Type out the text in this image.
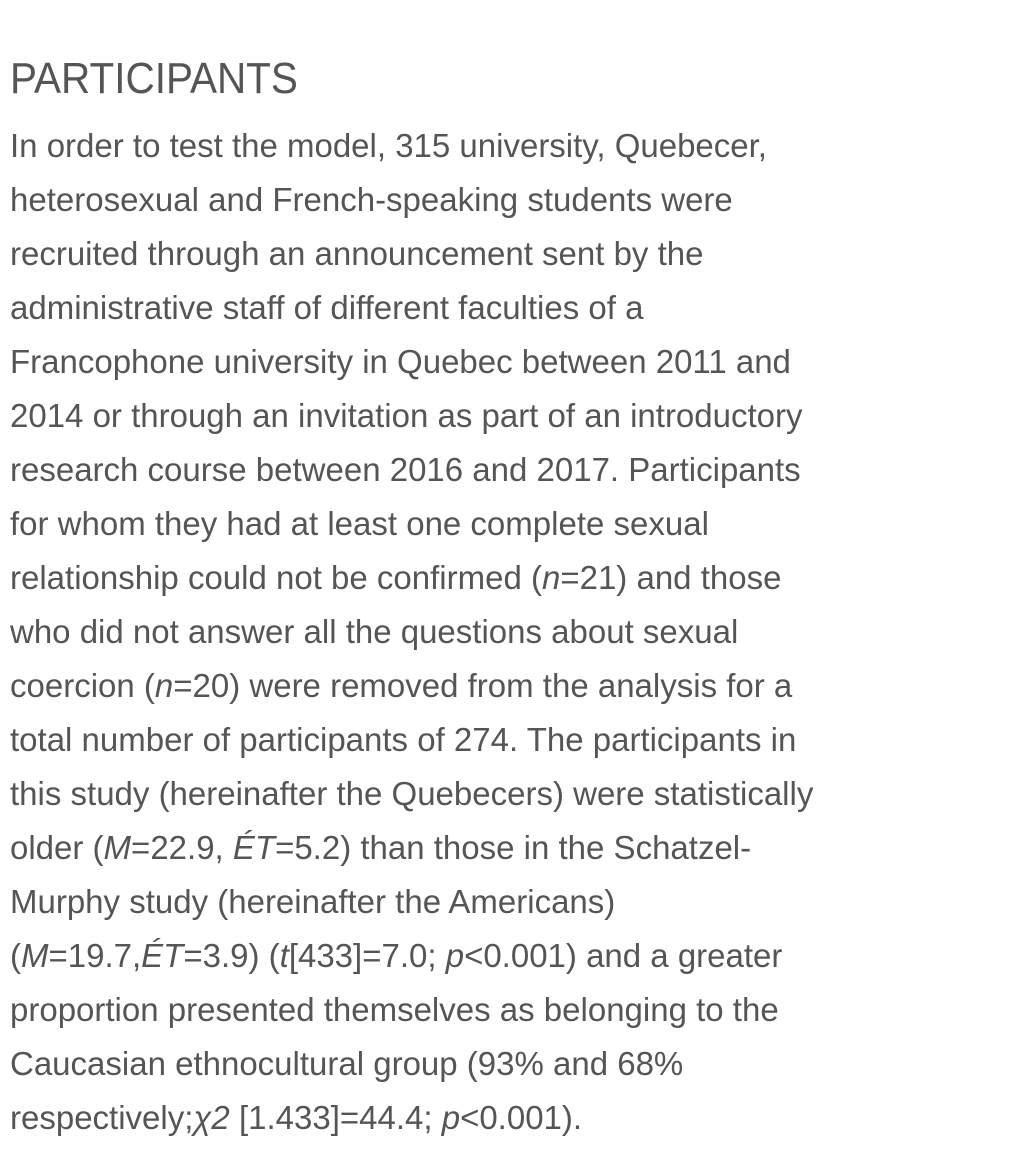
PARTICIPANTS
In order to test the model, 315 university, Quebecer,
heterosexual and French-speaking students were
recruited through an announcement sent by the
administrative staff of different faculties of a
Francophone university in Quebec between 2011 and
2014 or through an invitation as part of an introductory
research course between 2016 and 2017. Participants
for whom they had at least one complete sexual
relationship could not be confirmed (n=21) and those
who did not answer all the questions about sexual
coercion (n=20) were removed from the analysis for a
total number of participants of 274. The participants in
this study (hereinafter the Quebecers) were statistically
older (M=22.9, ÉT=5.2) than those in the Schatzel-
Murphy study (hereinafter the Americans)
(M=19.7,ÉT=3.9) (t[433]=7.0; p<0.001) and a greater
proportion presented themselves as belonging to the
Caucasian ethnocultural group (93% and 68%
respectively;χ2 [1.433]=44.4; p<0.001).
